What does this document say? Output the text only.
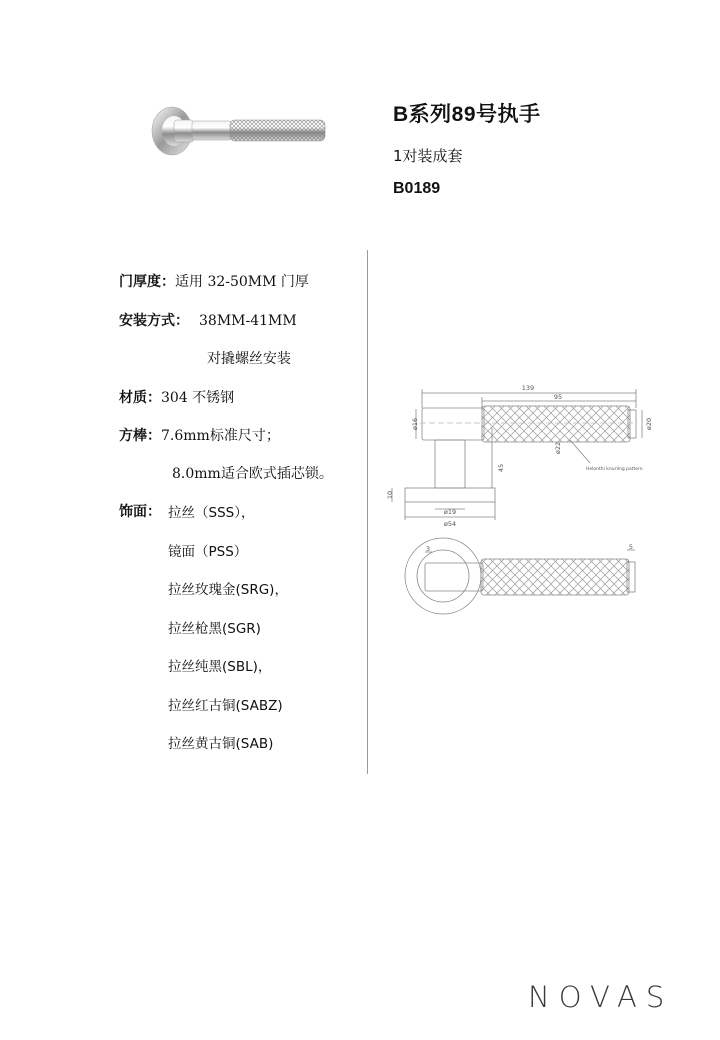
B系列89号执手
1对装成套
B0189
门厚度：适用 32-50MM 门厚
安装方式： 38MM-41MM
对撬螺丝安装
材质：304 不锈钢
方棒：7.6mm标准尺寸；
8.0mm适合欧式插芯锁。
饰面： 拉丝（SSS），
镜面（PSS）
拉丝玫瑰金(SRG)，
拉丝枪黑(SGR)
拉丝纯黑(SBL)，
拉丝红古铜(SABZ)
拉丝黄古铜(SAB)
139
95
ø16	ø20
ø22
45
10
ø19
ø54
5
3
Helonthi knurling pattern
NOVAS
